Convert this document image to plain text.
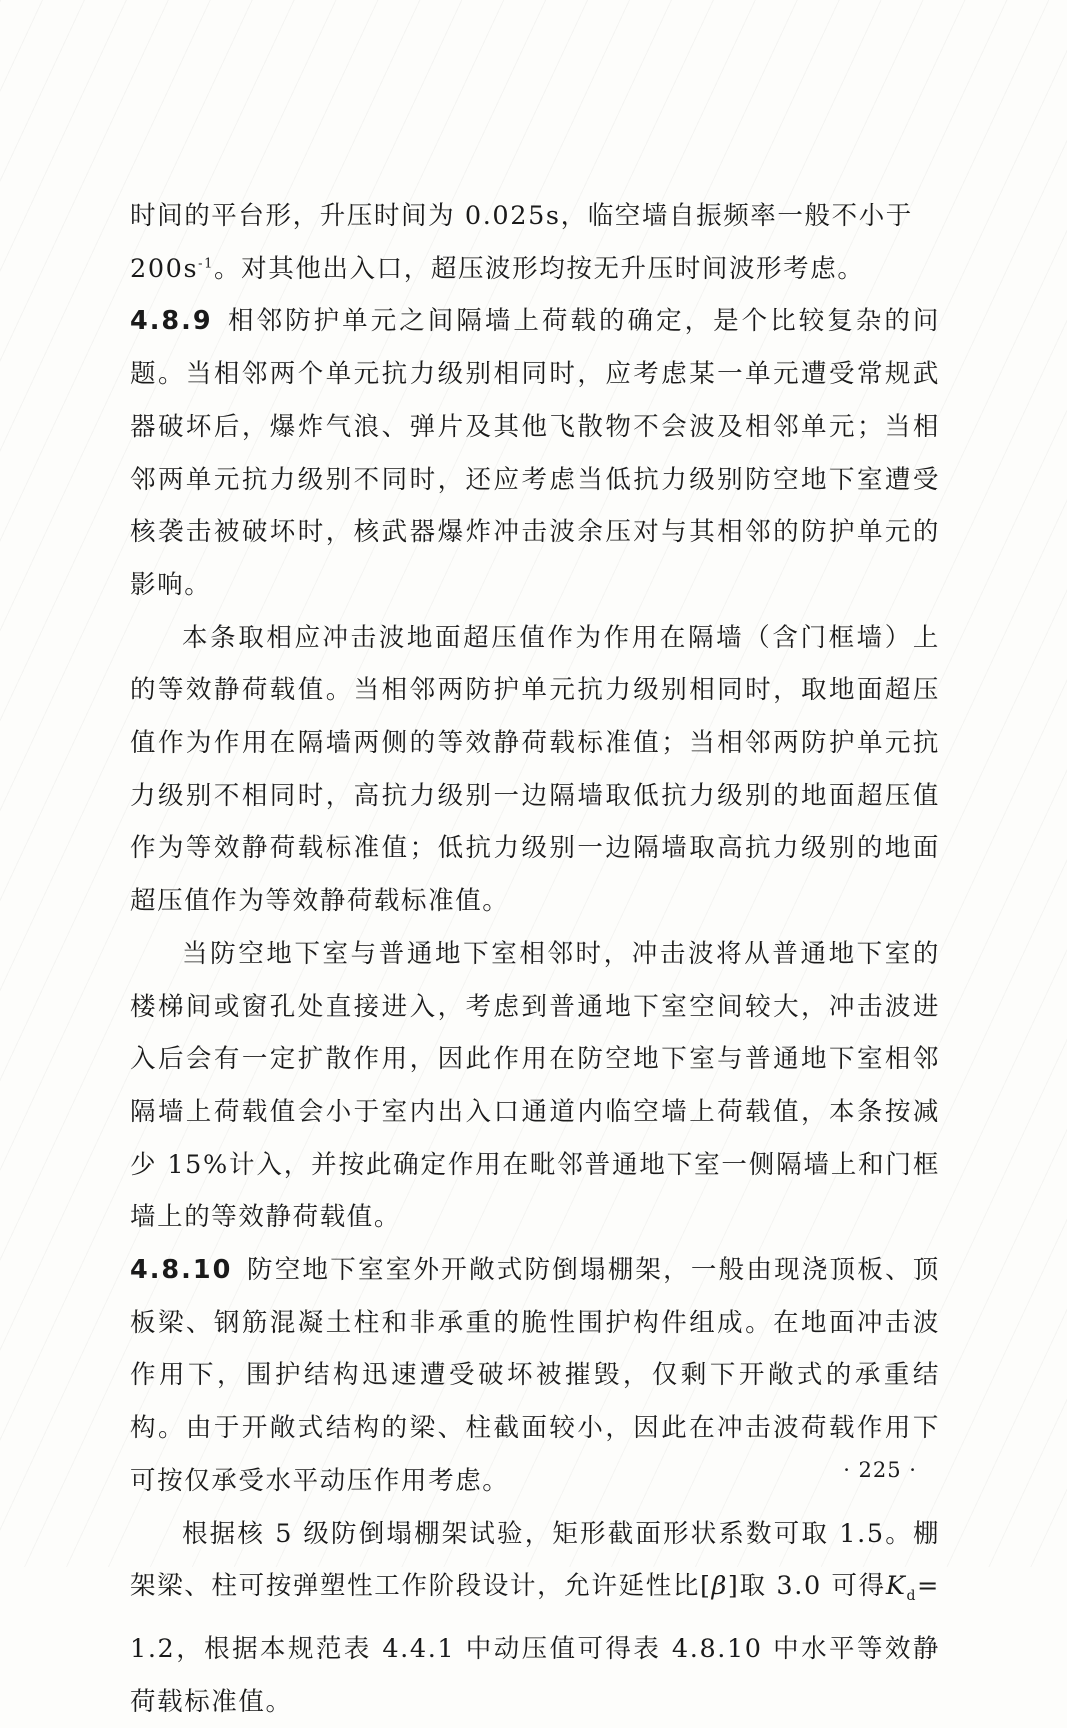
时间的平台形，升压时间为 0.025s，临空墙自振频率一般不小于
$200s^{-1}$。对其他出入口，超压波形均按无升压时间波形考虑。

4.8.9 相邻防护单元之间隔墙上荷载的确定，是个比较复杂的问题。当相邻两个单元抗力级别相同时，应考虑某一单元遭受常规武器破坏后，爆炸气浪、弹片及其他飞散物不会波及相邻单元；当相邻两单元抗力级别不同时，还应考虑当低抗力级别防空地下室遭受核袭击被破坏时，核武器爆炸冲击波余压对与其相邻的防护单元的影响。

本条取相应冲击波地面超压值作为作用在隔墙（含门框墙）上的等效静荷载值。当相邻两防护单元抗力级别相同时，取地面超压值作为作用在隔墙两侧的等效静荷载标准值；当相邻两防护单元抗力级别不相同时，高抗力级别一边隔墙取低抗力级别的地面超压值作为等效静荷载标准值；低抗力级别一边隔墙取高抗力级别的地面超压值作为等效静荷载标准值。

当防空地下室与普通地下室相邻时，冲击波将从普通地下室的楼梯间或窗孔处直接进入，考虑到普通地下室空间较大，冲击波进入后会有一定扩散作用，因此作用在防空地下室与普通地下室相邻隔墙上荷载值会小于室内出入口通道内临空墙上荷载值，本条按减少 15%计入，并按此确定作用在毗邻普通地下室一侧隔墙上和门框墙上的等效静荷载值。

4.8.10 防空地下室室外开敞式防倒塌棚架，一般由现浇顶板、顶板梁、钢筋混凝土柱和非承重的脆性围护构件组成。在地面冲击波作用下，围护结构迅速遭受破坏被摧毁，仅剩下开敞式的承重结构。由于开敞式结构的梁、柱截面较小，因此在冲击波荷载作用下可按仅承受水平动压作用考虑。

根据核 5 级防倒塌棚架试验，矩形截面形状系数可取 1.5。棚架梁、柱可按弹塑性工作阶段设计，允许延性比[β]取 3.0 可得$K_d=1.2$，根据本规范表 4.4.1 中动压值可得表 4.8.10 中水平等效静荷载标准值。

· 225 ·
